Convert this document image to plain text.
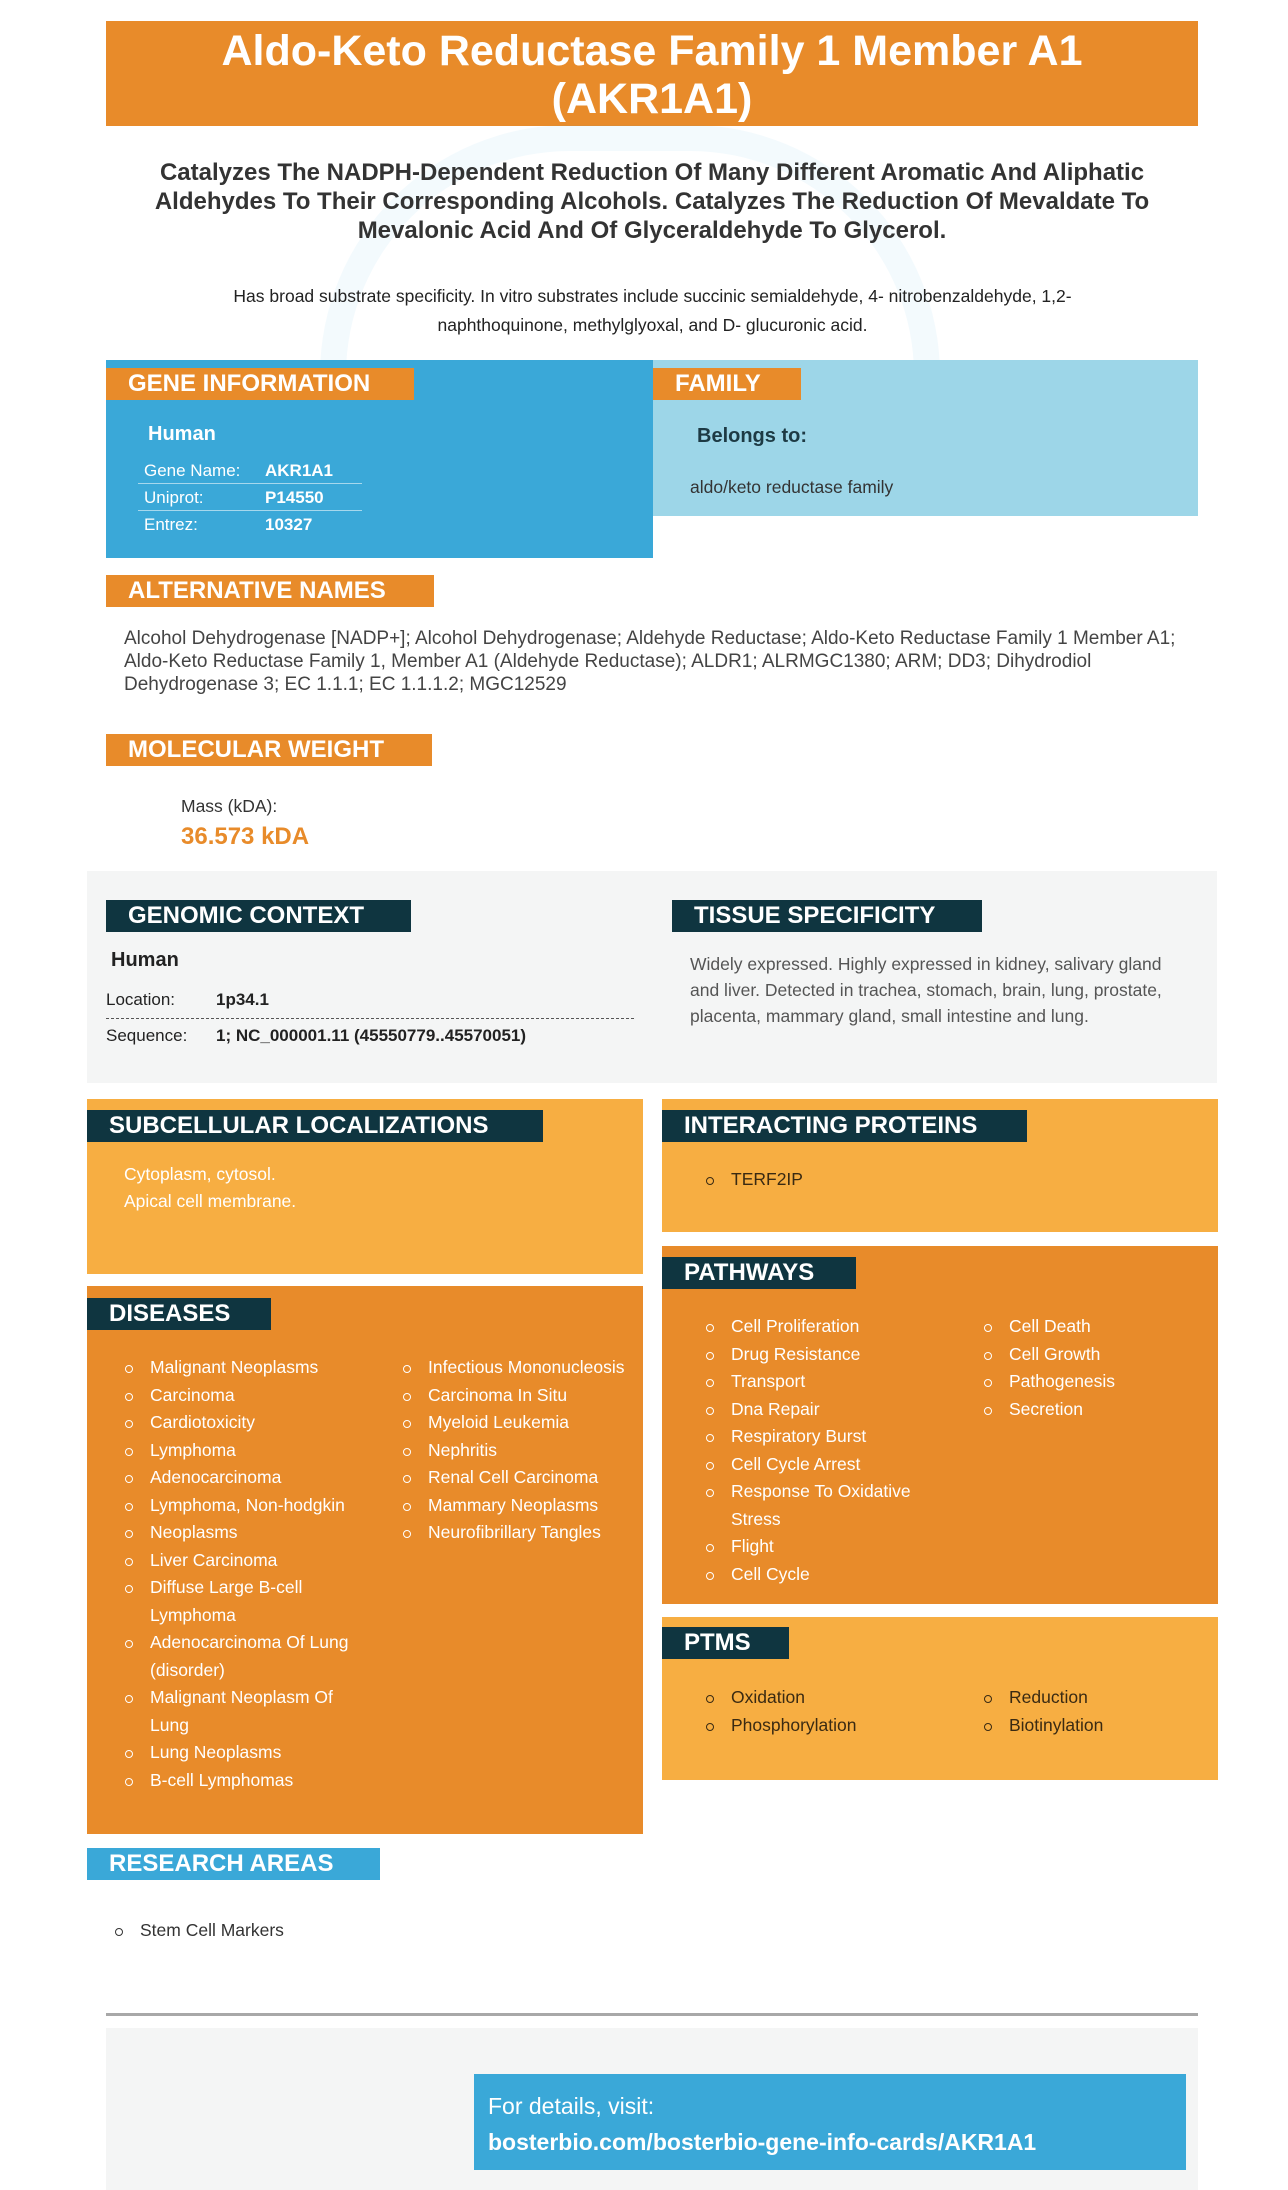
Aldo-Keto Reductase Family 1 Member A1
(AKR1A1)
Catalyzes The NADPH-Dependent Reduction Of Many Different Aromatic And Aliphatic Aldehydes To Their Corresponding Alcohols. Catalyzes The Reduction Of Mevaldate To Mevalonic Acid And Of Glyceraldehyde To Glycerol.
Has broad substrate specificity. In vitro substrates include succinic semialdehyde, 4- nitrobenzaldehyde, 1,2-naphthoquinone, methylglyoxal, and D- glucuronic acid.
GENE INFORMATION
Human
Gene Name:	AKR1A1
Uniprot:	P14550
Entrez:	10327
FAMILY
Belongs to:
aldo/keto reductase family
ALTERNATIVE NAMES
Alcohol Dehydrogenase [NADP+]; Alcohol Dehydrogenase; Aldehyde Reductase; Aldo-Keto Reductase Family 1 Member A1; Aldo-Keto Reductase Family 1, Member A1 (Aldehyde Reductase); ALDR1; ALRMGC1380; ARM; DD3; Dihydrodiol Dehydrogenase 3; EC 1.1.1; EC 1.1.1.2; MGC12529
MOLECULAR WEIGHT
Mass (kDA):
36.573 kDA
GENOMIC CONTEXT
Human
Location:	1p34.1
Sequence:	1; NC_000001.11 (45550779..45570051)
TISSUE SPECIFICITY
Widely expressed. Highly expressed in kidney, salivary gland and liver. Detected in trachea, stomach, brain, lung, prostate, placenta, mammary gland, small intestine and lung.
SUBCELLULAR LOCALIZATIONS
Cytoplasm, cytosol.
Apical cell membrane.
INTERACTING PROTEINS
TERF2IP
DISEASES
Malignant Neoplasms
Carcinoma
Cardiotoxicity
Lymphoma
Adenocarcinoma
Lymphoma, Non-hodgkin
Neoplasms
Liver Carcinoma
Diffuse Large B-cell Lymphoma
Adenocarcinoma Of Lung (disorder)
Malignant Neoplasm Of Lung
Lung Neoplasms
B-cell Lymphomas
Infectious Mononucleosis
Carcinoma In Situ
Myeloid Leukemia
Nephritis
Renal Cell Carcinoma
Mammary Neoplasms
Neurofibrillary Tangles
PATHWAYS
Cell Proliferation
Drug Resistance
Transport
Dna Repair
Respiratory Burst
Cell Cycle Arrest
Response To Oxidative Stress
Flight
Cell Cycle
Cell Death
Cell Growth
Pathogenesis
Secretion
PTMS
Oxidation
Phosphorylation
Reduction
Biotinylation
RESEARCH AREAS
Stem Cell Markers
For details, visit:
bosterbio.com/bosterbio-gene-info-cards/AKR1A1
